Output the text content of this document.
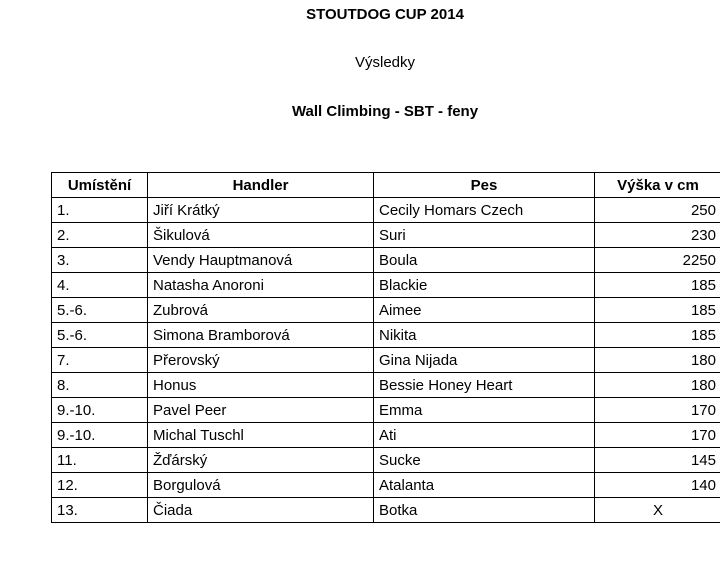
STOUTDOG CUP 2014
Výsledky
Wall Climbing - SBT - feny
Umístění	Handler	Pes	Výška v cm
1.	Jiří Krátký	Cecily Homars Czech	250
2.	Šikulová	Suri	230
3.	Vendy Hauptmanová	Boula	2250
4.	Natasha Anoroni	Blackie	185
5.-6.	Zubrová	Aimee	185
5.-6.	Simona Bramborová	Nikita	185
7.	Přerovský	Gina Nijada	180
8.	Honus	Bessie Honey Heart	180
9.-10.	Pavel Peer	Emma	170
9.-10.	Michal Tuschl	Ati	170
11.	Žďárský	Sucke	145
12.	Borgulová	Atalanta	140
13.	Čiada	Botka	X
